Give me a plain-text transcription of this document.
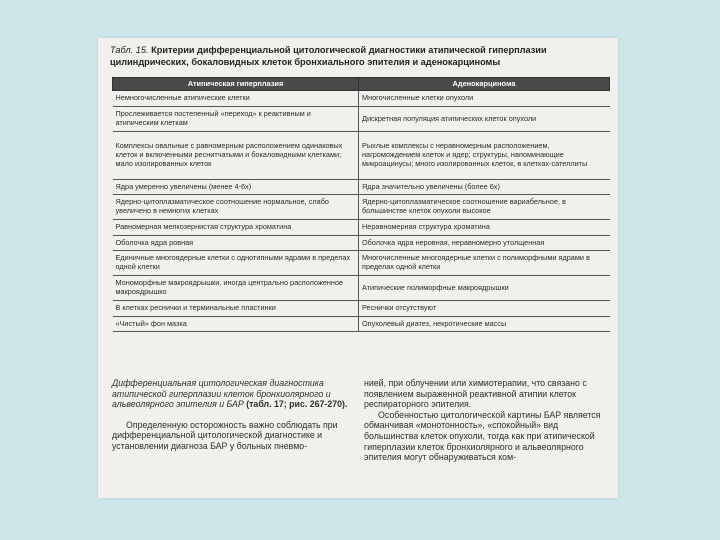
Табл. 15. Критерии дифференциальной цитологической диагностики атипической гиперплазии цилиндрических, бокаловидных клеток бронхиального эпителия и аденокарциномы
Атипическая гиперплазия	Аденокарцинома
Немногочисленные атипические клетки	Многочисленные клетки опухоли
Прослеживается постепенный «переход» к реактивным и атипическим клеткам	Дискретная популяция атипических клеток опухоли
Комплексы овальные с равномерным расположением одинаковых клеток и включенными реснитчатыми и бокаловидными клетками; мало изолированных клеток	Рыхлые комплексы с неравномерным расположением, нагромождением клеток и ядер; структуры, напоминающие микроацинусы; много изолированных клеток, в клетках-сателлиты
Ядра умеренно увеличены (менее 4-6х)	Ядра значительно увеличены (более 6х)
Ядерно-цитоплазматическое соотношение нормальное, слабо увеличено в немногих клетках	Ядерно-цитоплазматическое соотношение вариабельное, в большинстве клеток опухоли высокое
Равномерная мелкозернистая структура хроматина	Неравномерная структура хроматина
Оболочка ядра ровная	Оболочка ядра неровная, неравномерно утолщенная
Единичные многоядерные клетки с однотипными ядрами в пределах одной клетки	Многочисленные многоядерные клетки с полиморфными ядрами в пределах одной клетки
Мономорфные макроядрышки, иногда центрально расположенное макроядрышко	Атипические полиморфные макроядрышки
В клетках реснички и терминальные пластинки	Реснички отсутствуют
«Чистый» фон мазка	Опухолевый диатез, некротические массы

Дифференциальная цитологическая диагностика атипической гиперплазии клеток бронхиолярного и альвеолярного эпителия и БАР (табл. 17; рис. 267-270).

Определенную осторожность важно соблюдать при дифференциальной цитологической диагностике и установлении диагноза БАР у больных пневмо-

нией, при облучении или химиотерапии, что связано с появлением выраженной реактивной атипии клеток респираторного эпителия.

Особенностью цитологической картины БАР является обманчивая «монотонность», «спокойный» вид большинства клеток опухоли, тогда как при атипической гиперплазии клеток бронхиолярного и альвеолярного эпителия могут обнаруживаться ком-
